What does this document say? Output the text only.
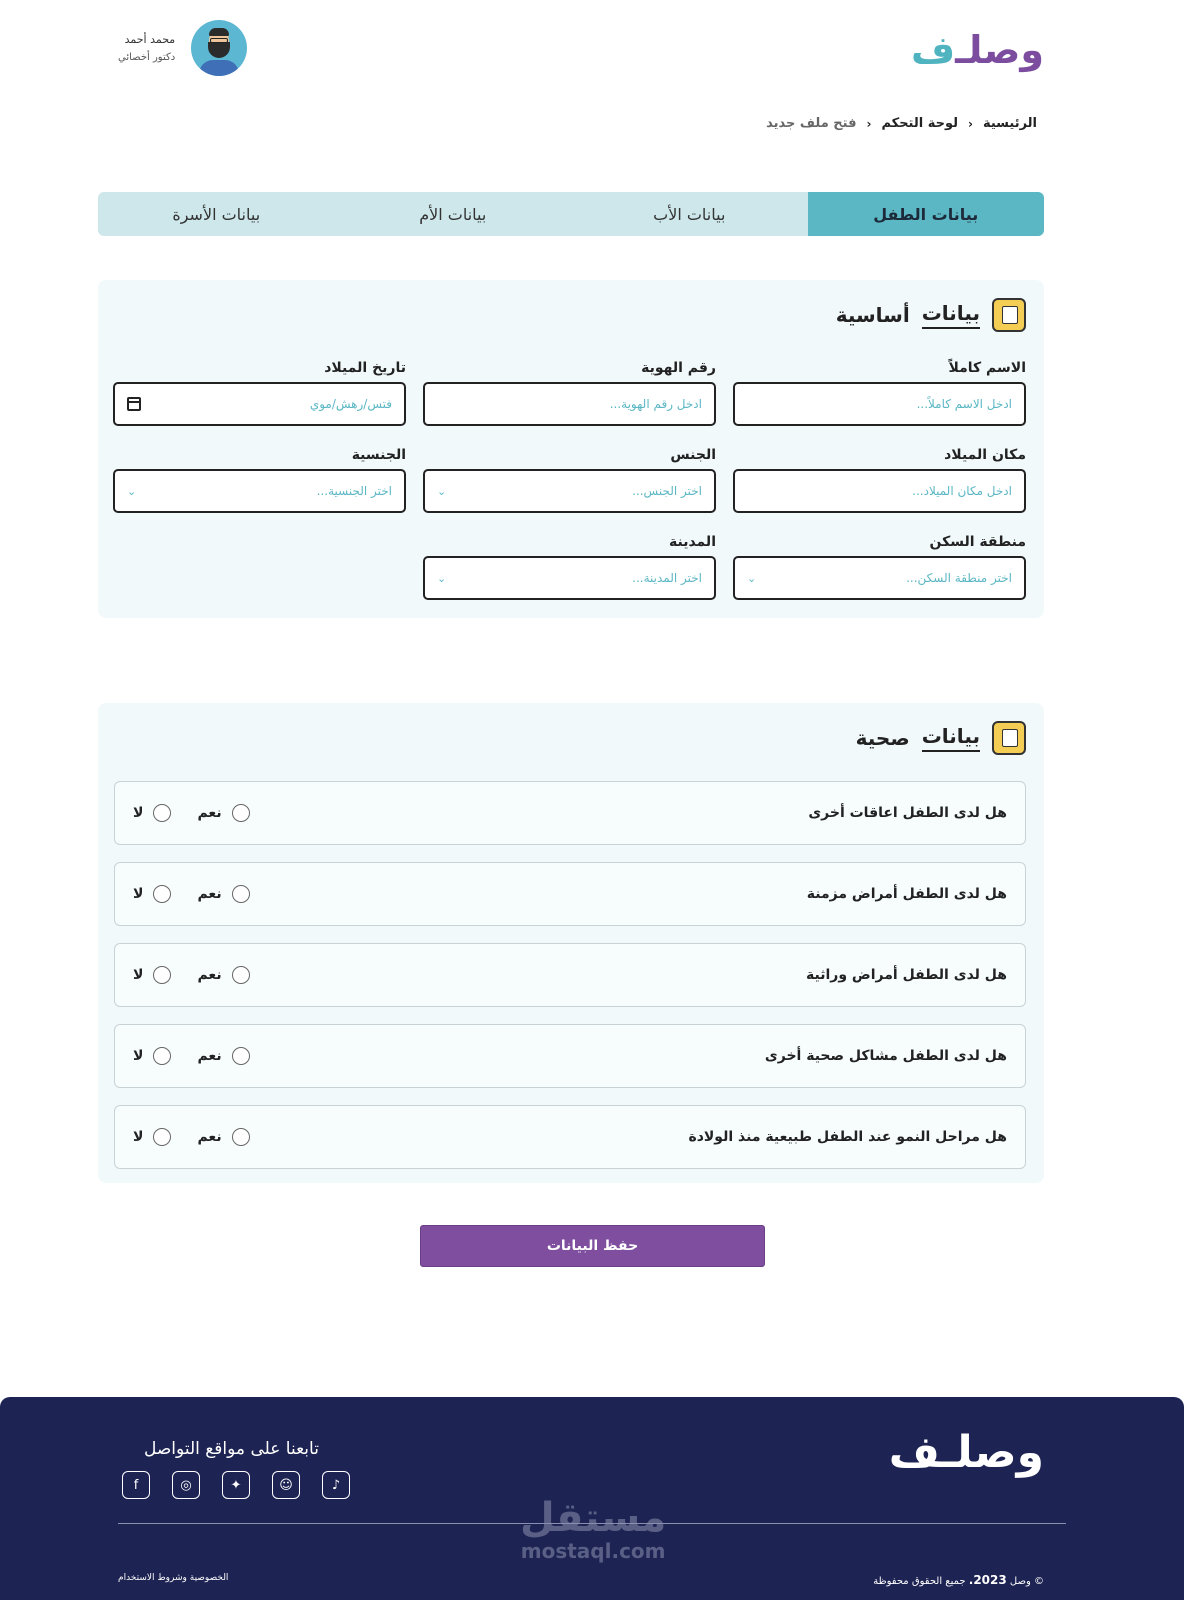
وصلـ
ف
محمد أحمد
دكتور أخصائي
الرئيسية
‹
لوحة التحكم
‹
فتح ملف جديد
بيانات الطفل
بيانات الأب
بيانات الأم
بيانات الأسرة
بيانات
أساسية
الاسم كاملاً
ادخل الاسم كاملاً...
رقم الهوية
ادخل رقم الهوية...
تاريخ الميلاد
فتس/رهش/موي
مكان الميلاد
ادخل مكان الميلاد...
الجنس
اختر الجنس...
⌄
الجنسية
اختر الجنسية...
⌄
منطقة السكن
اختر منطقة السكن...
⌄
المدينة
اختر المدينة...
⌄
بيانات
صحية
هل لدى الطفل اعاقات أخرى
نعم
لا
هل لدى الطفل أمراض مزمنة
نعم
لا
هل لدى الطفل أمراض وراثية
نعم
لا
هل لدى الطفل مشاكل صحية أخرى
نعم
لا
هل مراحل النمو عند الطفل طبيعية منذ الولادة
نعم
لا
حفظ البيانات
وصلـف
تابعنا على مواقع التواصل
f	◎	✦	☺	♪
مستقل
mostaql.com
© وصل 2023. جميع الحقوق محفوظة
الخصوصية وشروط الاستخدام
